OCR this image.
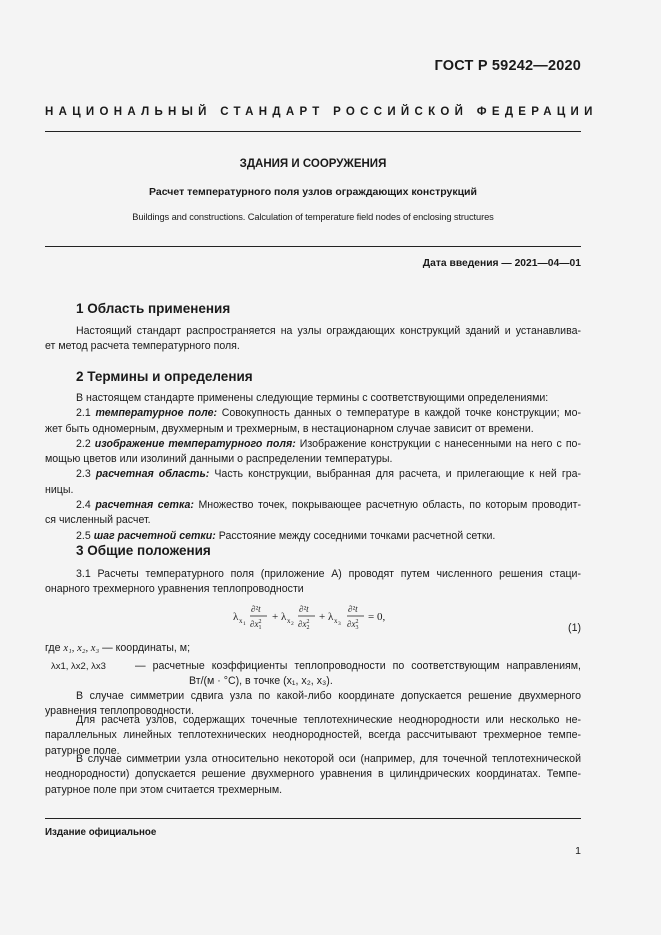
ГОСТ Р 59242—2020
НАЦИОНАЛЬНЫЙ СТАНДАРТ РОССИЙСКОЙ ФЕДЕРАЦИИ
ЗДАНИЯ И СООРУЖЕНИЯ
Расчет температурного поля узлов ограждающих конструкций
Buildings and constructions. Calculation of temperature field nodes of enclosing structures
Дата введения — 2021—04—01
1 Область применения
Настоящий стандарт распространяется на узлы ограждающих конструкций зданий и устанавлива-
ет метод расчета температурного поля.
2 Термины и определения
В настоящем стандарте применены следующие термины с соответствующими определениями:
2.1 температурное поле: Совокупность данных о температуре в каждой точке конструкции; мо-
жет быть одномерным, двухмерным и трехмерным, в нестационарном случае зависит от времени.
2.2 изображение температурного поля: Изображение конструкции с нанесенными на него с по-
мощью цветов или изолиний данными о распределении температуры.
2.3 расчетная область: Часть конструкции, выбранная для расчета, и прилегающие к ней гра-
ницы.
2.4 расчетная сетка: Множество точек, покрывающее расчетную область, по которым проводит-
ся численный расчет.
2.5 шаг расчетной сетки: Расстояние между соседними точками расчетной сетки.
3 Общие положения
3.1 Расчеты температурного поля (приложение А) проводят путем численного решения стаци-
онарного трехмерного уравнения теплопроводности
λ x 1
∂²t
$\partial x^2$ 1
+ λ x 2
∂²t
$\partial x^2$ 2
+ λ x 3
∂²t
$\partial x^2$ 3
= 0,
(1)
где x₁, x₂, x₃ — координаты, м;
λx1, λx2, λx3	— расчетные коэффициенты теплопроводности по соответствующим направлениям,
Вт/(м · °С), в точке (x₁, x₂, x₃).
В случае симметрии сдвига узла по какой-либо координате допускается решение двухмерного
уравнения теплопроводности.
Для расчета узлов, содержащих точечные теплотехнические неоднородности или несколько не-
параллельных линейных теплотехнических неоднородностей, всегда рассчитывают трехмерное темпе-
ратурное поле.
В случае симметрии узла относительно некоторой оси (например, для точечной теплотехнической
неоднородности) допускается решение двухмерного уравнения в цилиндрических координатах. Темпе-
ратурное поле при этом считается трехмерным.
Издание официальное
1
